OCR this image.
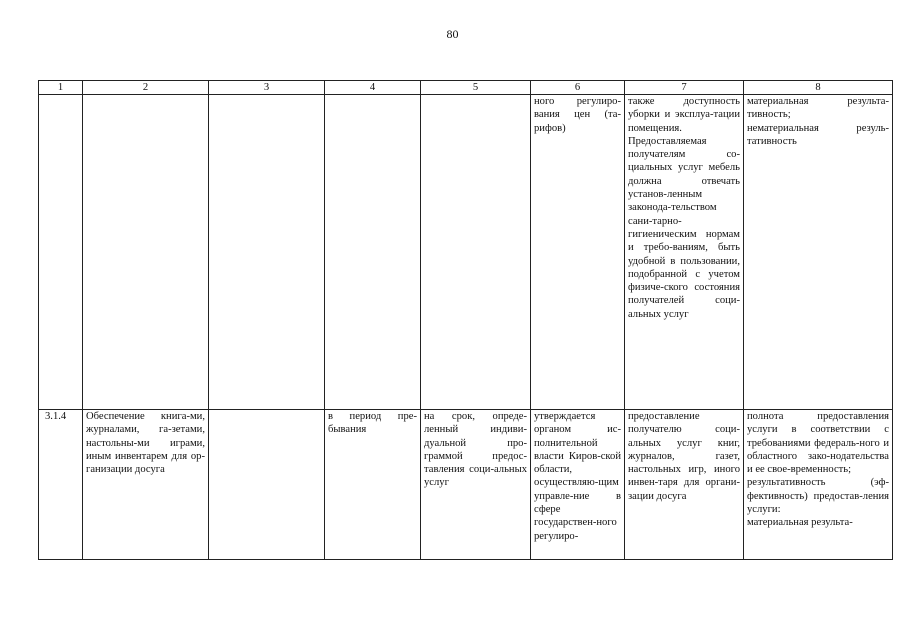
80
1	2	3	4	5	6	7	8

					ного регулиро-вания цен (та-рифов)	также доступность уборки и эксплуа-тации помещения. Предоставляемая получателям со-циальных услуг мебель должна отвечать установ-ленным законода-тельством сани-тарно-гигиеническим нормам и требо-ваниям, быть удобной в пользовании, подобранной с учетом физиче-ского состояния получателей соци-альных услуг	материальная результа-тивность;
нематериальная резуль-тативность

3.1.4	Обеспечение книга-ми, журналами, га-зетами, настольны-ми играми, иным инвентарем для ор-ганизации досуга		в период пре-бывания	на срок, опреде-ленный индиви-дуальной про-граммой предос-тавления соци-альных услуг	утверждается органом ис-полнительной власти Киров-ской области, осуществляю-щим управле-ние в сфере государствен-ного регулиро-	предоставление получателю соци-альных услуг книг, журналов, газет, настольных игр, иного инвен-таря для органи-зации досуга	полнота предоставления услуги в соответствии с требованиями федераль-ного и областного зако-нодательства и ее свое-временность;
результативность (эф-фективность) предостав-ления услуги:
материальная результа-
